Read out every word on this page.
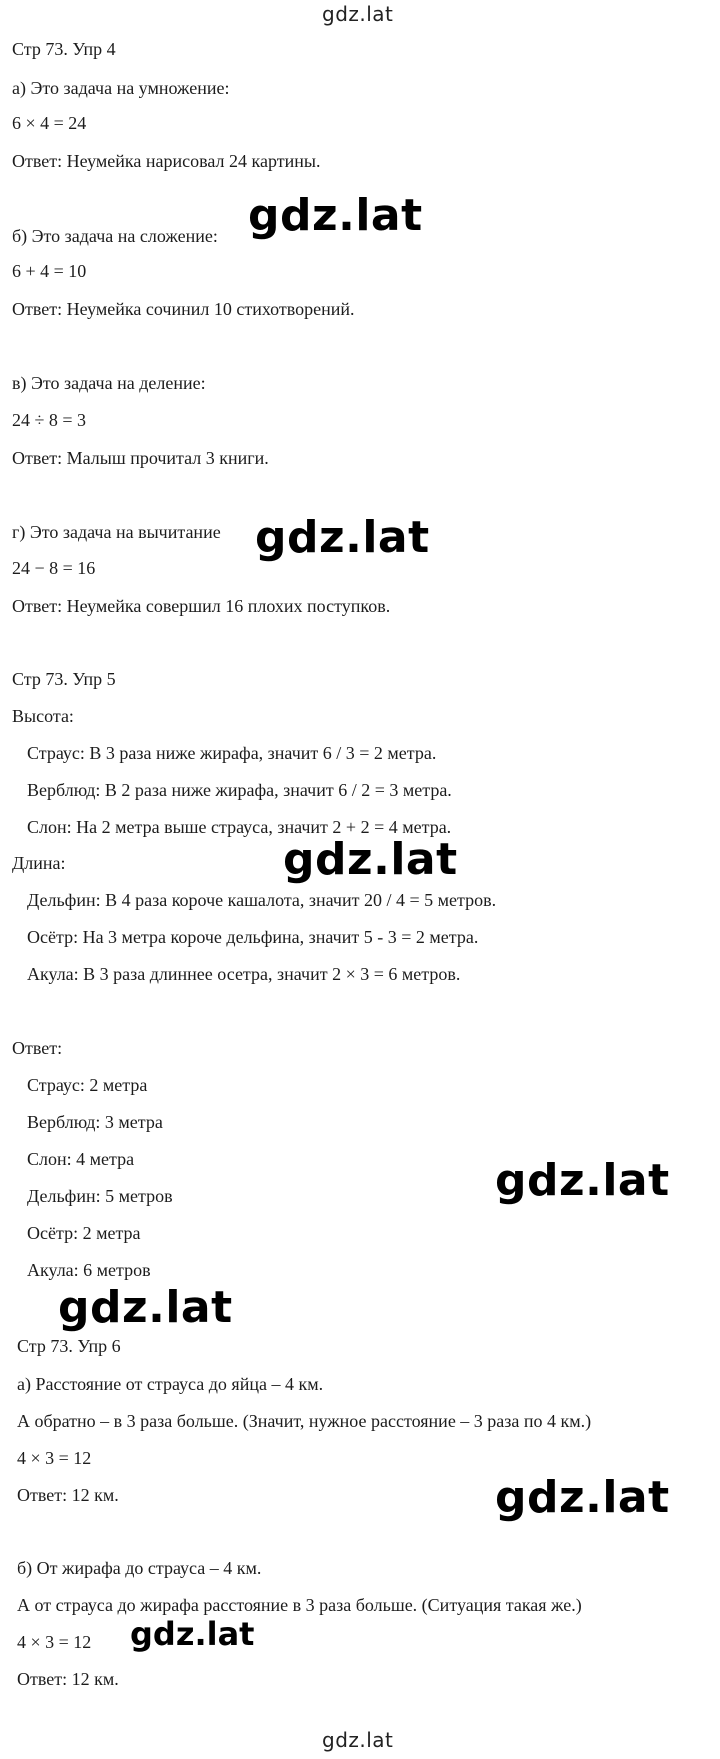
gdz.lat
Стр 73. Упр 4
а) Это задача на умножение:
6 × 4 = 24
Ответ: Неумейка нарисовал 24 картины.
б) Это задача на сложение: gdz.lat
6 + 4 = 10
Ответ: Неумейка сочинил 10 стихотворений.
в) Это задача на деление:
24 ÷ 8 = 3
Ответ: Малыш прочитал 3 книги.
г) Это задача на вычитание gdz.lat
24 − 8 = 16
Ответ: Неумейка совершил 16 плохих поступков.
Стр 73. Упр 5
Высота:
Страус: В 3 раза ниже жирафа, значит 6 / 3 = 2 метра.
Верблюд: В 2 раза ниже жирафа, значит 6 / 2 = 3 метра.
Слон: На 2 метра выше страуса, значит 2 + 2 = 4 метра.
Длина:	gdz.lat
Дельфин: В 4 раза короче кашалота, значит 20 / 4 = 5 метров.
Осётр: На 3 метра короче дельфина, значит 5 - 3 = 2 метра.
Акула: В 3 раза длиннее осетра, значит 2 × 3 = 6 метров.
Ответ:
Страус: 2 метра
Верблюд: 3 метра
Слон: 4 метра
Дельфин: 5 метров	gdz.lat
Осётр: 2 метра
Акула: 6 метров
gdz.lat
Стр 73. Упр 6
а) Расстояние от страуса до яйца – 4 км.
А обратно – в 3 раза больше. (Значит, нужное расстояние – 3 раза по 4 км.)
4 × 3 = 12
Ответ: 12 км.	gdz.lat
б) От жирафа до страуса – 4 км.
А от страуса до жирафа расстояние в 3 раза больше. (Ситуация такая же.)
4 × 3 = 12 gdz.lat
Ответ: 12 км.
gdz.lat
